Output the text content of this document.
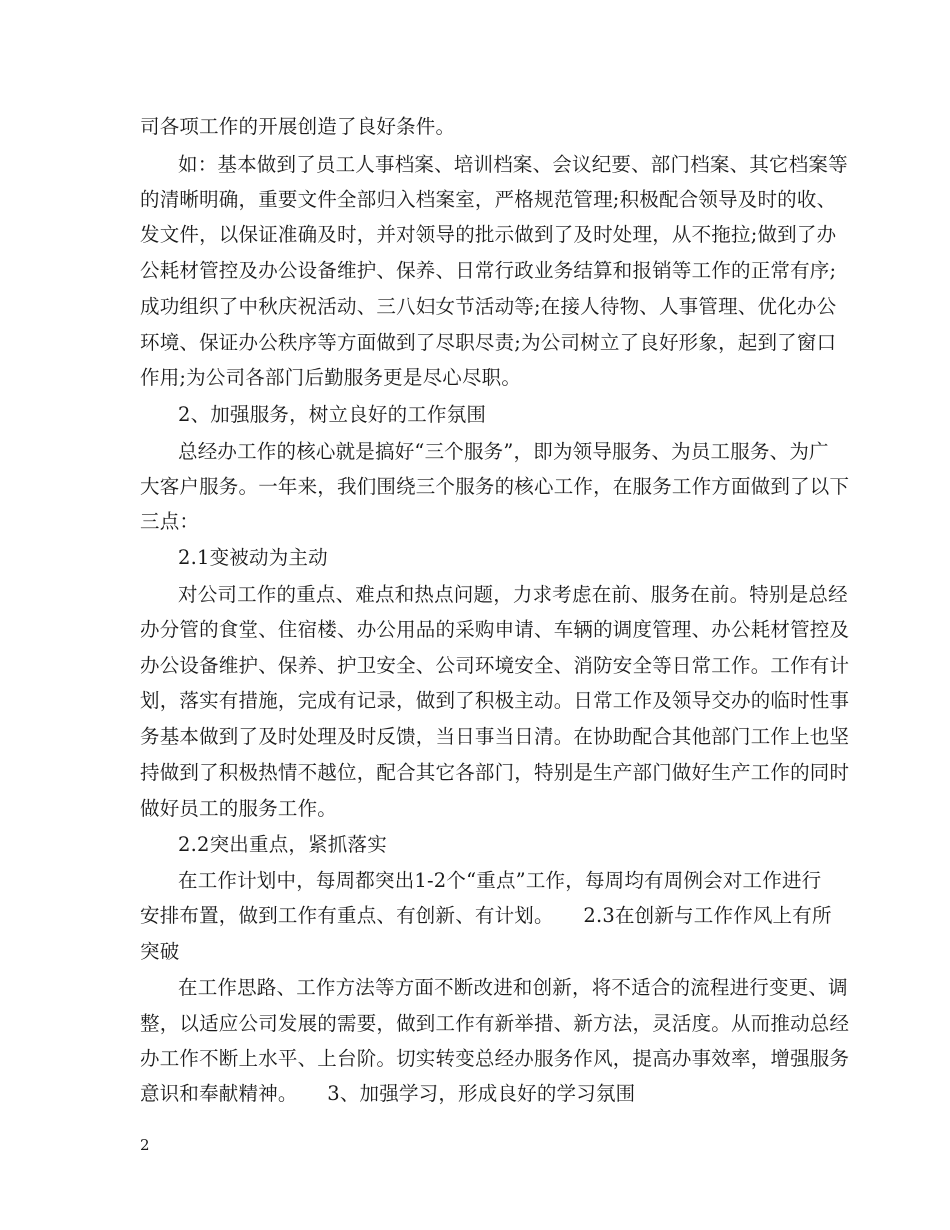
司各项工作的开展创造了良好条件。
如：基本做到了员工人事档案、培训档案、会议纪要、部门档案、其它档案等
的清晰明确，重要文件全部归入档案室，严格规范管理;积极配合领导及时的收、
发文件，以保证准确及时，并对领导的批示做到了及时处理，从不拖拉;做到了办
公耗材管控及办公设备维护、保养、日常行政业务结算和报销等工作的正常有序;
成功组织了中秋庆祝活动、三八妇女节活动等;在接人待物、人事管理、优化办公
环境、保证办公秩序等方面做到了尽职尽责;为公司树立了良好形象，起到了窗口
作用;为公司各部门后勤服务更是尽心尽职。
2、加强服务，树立良好的工作氛围
总经办工作的核心就是搞好“三个服务”，即为领导服务、为员工服务、为广
大客户服务。一年来，我们围绕三个服务的核心工作，在服务工作方面做到了以下
三点：
2.1变被动为主动
对公司工作的重点、难点和热点问题，力求考虑在前、服务在前。特别是总经
办分管的食堂、住宿楼、办公用品的采购申请、车辆的调度管理、办公耗材管控及
办公设备维护、保养、护卫安全、公司环境安全、消防安全等日常工作。工作有计
划，落实有措施，完成有记录，做到了积极主动。日常工作及领导交办的临时性事
务基本做到了及时处理及时反馈，当日事当日清。在协助配合其他部门工作上也坚
持做到了积极热情不越位，配合其它各部门，特别是生产部门做好生产工作的同时
做好员工的服务工作。
2.2突出重点，紧抓落实
在工作计划中，每周都突出1-2个“重点”工作，每周均有周例会对工作进行
安排布置，做到工作有重点、有创新、有计划。　　2.3在创新与工作作风上有所
突破
在工作思路、工作方法等方面不断改进和创新，将不适合的流程进行变更、调
整，以适应公司发展的需要，做到工作有新举措、新方法，灵活度。从而推动总经
办工作不断上水平、上台阶。切实转变总经办服务作风，提高办事效率，增强服务
意识和奉献精神。　　3、加强学习，形成良好的学习氛围
2
